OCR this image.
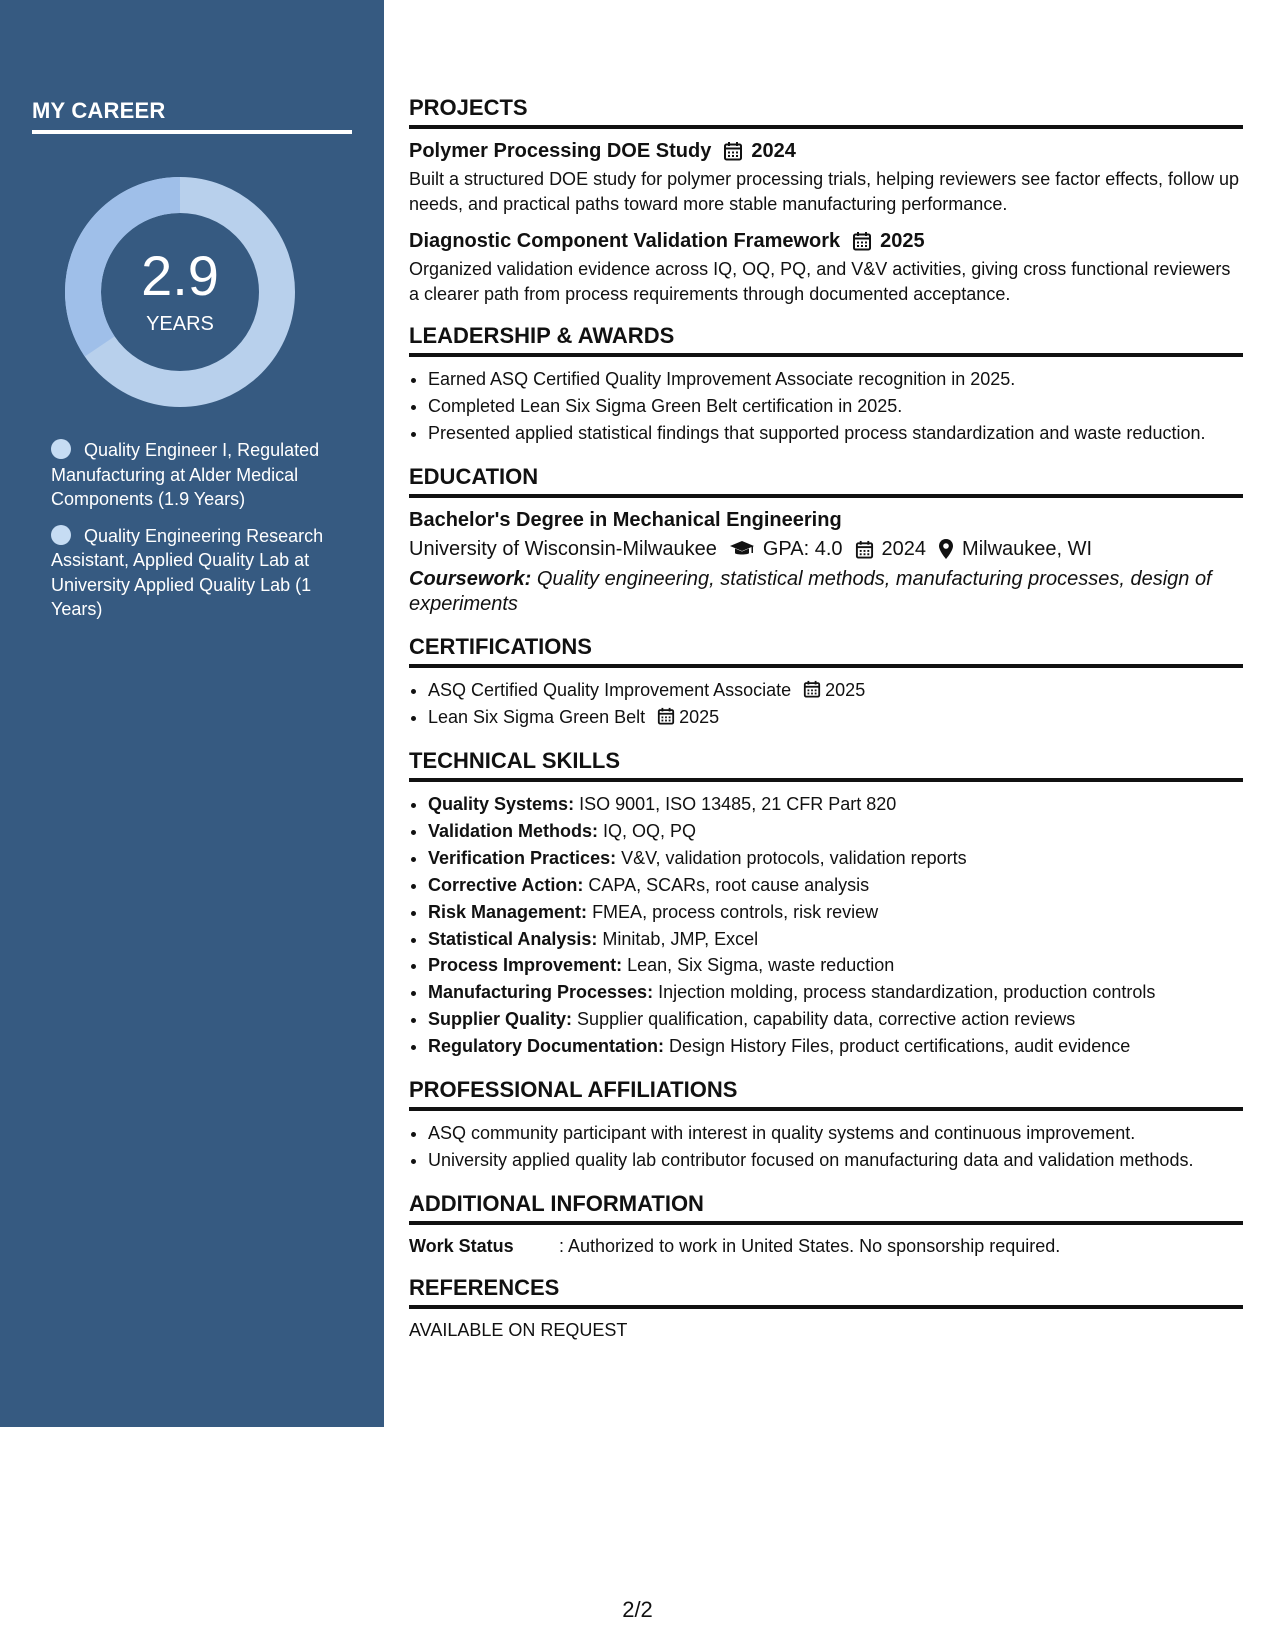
MY CAREER
2.9
YEARS
Quality Engineer I, Regulated Manufacturing at Alder Medical Components (1.9 Years)
Quality Engineering Research Assistant, Applied Quality Lab at University Applied Quality Lab (1 Years)
PROJECTS
Polymer Processing DOE Study 2024
Built a structured DOE study for polymer processing trials, helping reviewers see factor effects, follow up needs, and practical paths toward more stable manufacturing performance.
Diagnostic Component Validation Framework 2025
Organized validation evidence across IQ, OQ, PQ, and V&V activities, giving cross functional reviewers a clearer path from process requirements through documented acceptance.
LEADERSHIP & AWARDS
• Earned ASQ Certified Quality Improvement Associate recognition in 2025.
• Completed Lean Six Sigma Green Belt certification in 2025.
• Presented applied statistical findings that supported process standardization and waste reduction.
EDUCATION
Bachelor's Degree in Mechanical Engineering
University of Wisconsin-Milwaukee GPA: 4.0 2024 Milwaukee, WI
Coursework: Quality engineering, statistical methods, manufacturing processes, design of experiments
CERTIFICATIONS
• ASQ Certified Quality Improvement Associate 2025
• Lean Six Sigma Green Belt 2025
TECHNICAL SKILLS
• Quality Systems: ISO 9001, ISO 13485, 21 CFR Part 820
• Validation Methods: IQ, OQ, PQ
• Verification Practices: V&V, validation protocols, validation reports
• Corrective Action: CAPA, SCARs, root cause analysis
• Risk Management: FMEA, process controls, risk review
• Statistical Analysis: Minitab, JMP, Excel
• Process Improvement: Lean, Six Sigma, waste reduction
• Manufacturing Processes: Injection molding, process standardization, production controls
• Supplier Quality: Supplier qualification, capability data, corrective action reviews
• Regulatory Documentation: Design History Files, product certifications, audit evidence
PROFESSIONAL AFFILIATIONS
• ASQ community participant with interest in quality systems and continuous improvement.
• University applied quality lab contributor focused on manufacturing data and validation methods.
ADDITIONAL INFORMATION
Work Status	: Authorized to work in United States. No sponsorship required.
REFERENCES
AVAILABLE ON REQUEST
2/2
